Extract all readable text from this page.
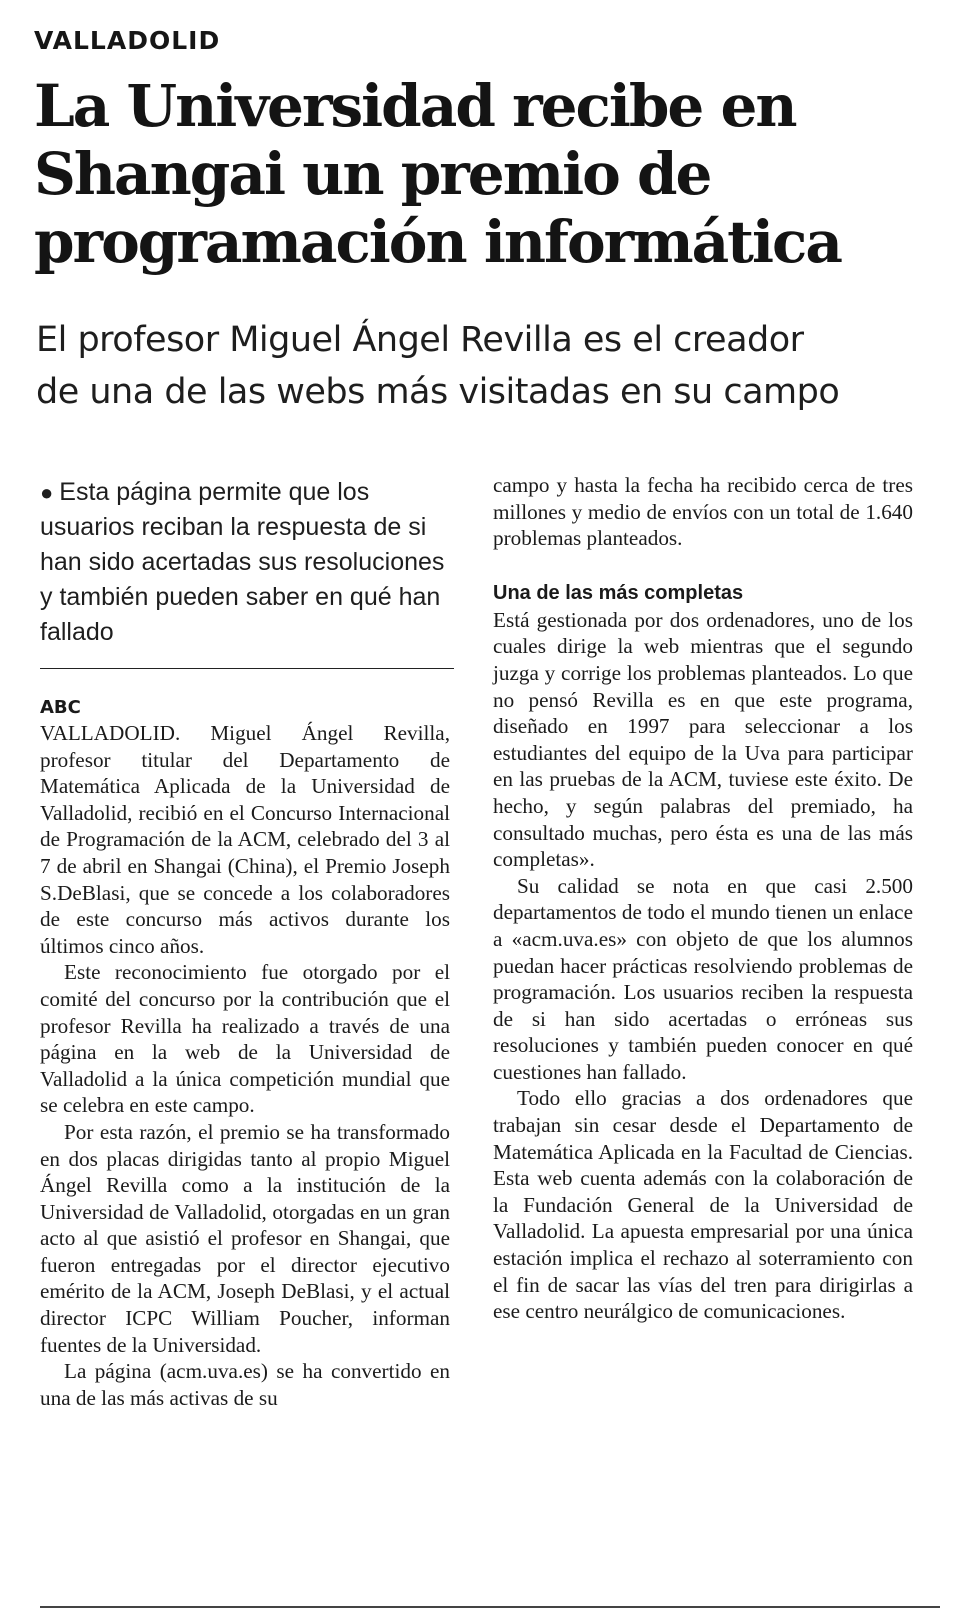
VALLADOLID
La Universidad recibe en
Shangai un premio de
programación informática
El profesor Miguel Ángel Revilla es el creador
de una de las webs más visitadas en su campo
● Esta página permite que los usuarios reciban la respuesta de si han sido acertadas sus resoluciones y también pueden saber en qué han fallado
ABC

VALLADOLID. Miguel Ángel Revilla, profesor titular del Departamento de Matemática Aplicada de la Universidad de Valladolid, recibió en el Concurso Internacional de Programación de la ACM, celebrado del 3 al 7 de abril en Shangai (China), el Premio Joseph S.DeBlasi, que se concede a los colaboradores de este concurso más activos durante los últimos cinco años.

Este reconocimiento fue otorgado por el comité del concurso por la contribución que el profesor Revilla ha realizado a través de una página en la web de la Universidad de Valladolid a la única competición mundial que se celebra en este campo.

Por esta razón, el premio se ha transformado en dos placas dirigidas tanto al propio Miguel Ángel Revilla como a la institución de la Universidad de Valladolid, otorgadas en un gran acto al que asistió el profesor en Shangai, que fueron entregadas por el director ejecutivo emérito de la ACM, Joseph DeBlasi, y el actual director ICPC William Poucher, informan fuentes de la Universidad.

La página (acm.uva.es) se ha convertido en una de las más activas de su

campo y hasta la fecha ha recibido cerca de tres millones y medio de envíos con un total de 1.640 problemas planteados.

Una de las más completas

Está gestionada por dos ordenadores, uno de los cuales dirige la web mientras que el segundo juzga y corrige los problemas planteados. Lo que no pensó Revilla es en que este programa, diseñado en 1997 para seleccionar a los estudiantes del equipo de la Uva para participar en las pruebas de la ACM, tuviese este éxito. De hecho, y según palabras del premiado, ha consultado muchas, pero ésta es una de las más completas».

Su calidad se nota en que casi 2.500 departamentos de todo el mundo tienen un enlace a «acm.uva.es» con objeto de que los alumnos puedan hacer prácticas resolviendo problemas de programación. Los usuarios reciben la respuesta de si han sido acertadas o erróneas sus resoluciones y también pueden conocer en qué cuestiones han fallado.

Todo ello gracias a dos ordenadores que trabajan sin cesar desde el Departamento de Matemática Aplicada en la Facultad de Ciencias. Esta web cuenta además con la colaboración de la Fundación General de la Universidad de Valladolid. La apuesta empresarial por una única estación implica el rechazo al soterramiento con el fin de sacar las vías del tren para dirigirlas a ese centro neurálgico de comunicaciones.
